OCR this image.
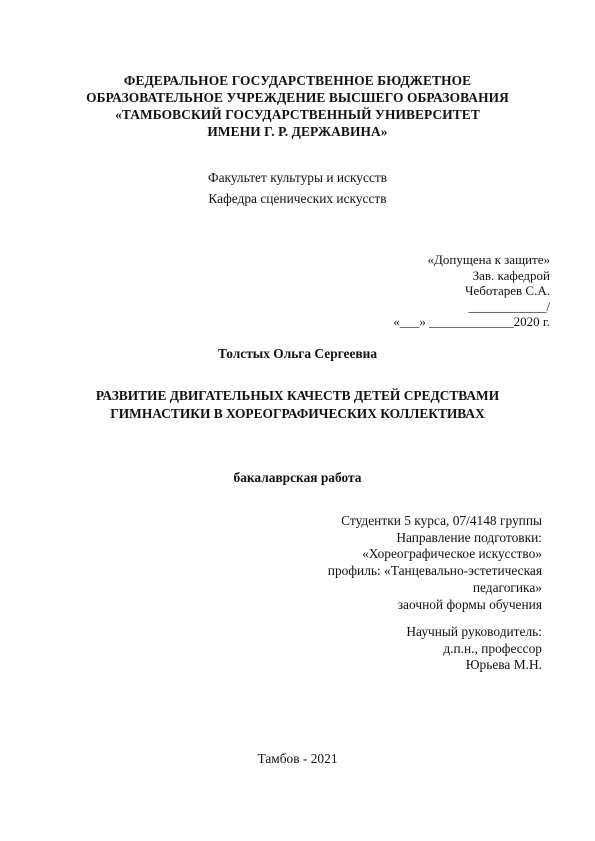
ФЕДЕРАЛЬНОЕ ГОСУДАРСТВЕННОЕ БЮДЖЕТНОЕ
ОБРАЗОВАТЕЛЬНОЕ УЧРЕЖДЕНИЕ ВЫСШЕГО ОБРАЗОВАНИЯ
«ТАМБОВСКИЙ ГОСУДАРСТВЕННЫЙ УНИВЕРСИТЕТ
ИМЕНИ Г. Р. ДЕРЖАВИНА»
Факультет культуры и искусств
Кафедра сценических искусств
«Допущена к защите»
Зав. кафедрой
Чеботарев С.А.
____________/
«___» _____________2020 г.
Толстых Ольга Сергеевна
РАЗВИТИЕ ДВИГАТЕЛЬНЫХ КАЧЕСТВ ДЕТЕЙ СРЕДСТВАМИ
ГИМНАСТИКИ В ХОРЕОГРАФИЧЕСКИХ КОЛЛЕКТИВАХ
бакалаврская работа
Студентки 5 курса, 07/4148 группы
Направление подготовки:
«Хореографическое искусство»
профиль: «Танцевально-эстетическая
педагогика»
заочной формы обучения
Научный руководитель:
д.п.н., профессор
Юрьева М.Н.
Тамбов - 2021
